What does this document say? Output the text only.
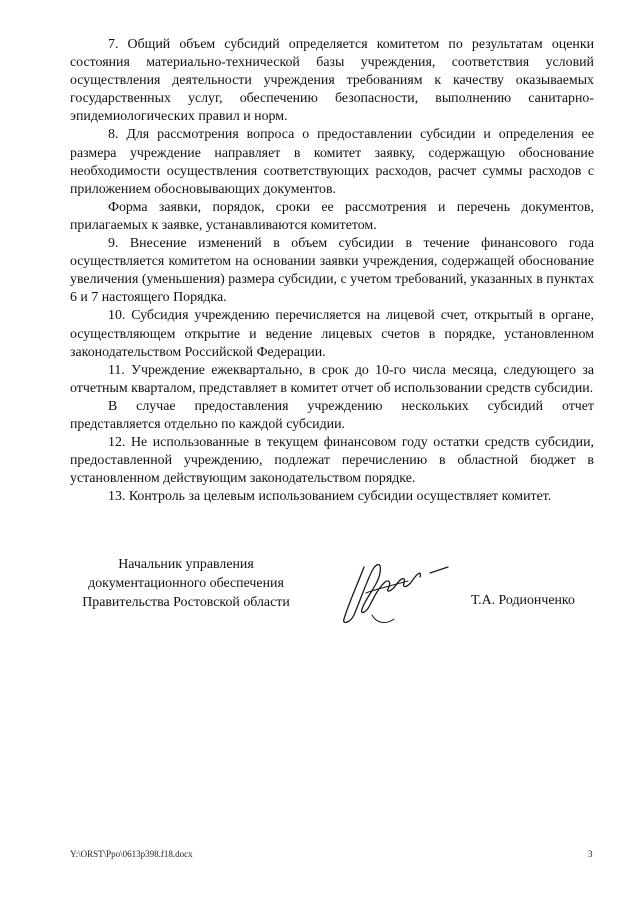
7. Общий объем субсидий определяется комитетом по результатам оценки состояния материально-технической базы учреждения, соответствия условий осуществления деятельности учреждения требованиям к качеству оказываемых государственных услуг, обеспечению безопасности, выполнению санитарно-эпидемиологических правил и норм.

8. Для рассмотрения вопроса о предоставлении субсидии и определения ее размера учреждение направляет в комитет заявку, содержащую обоснование необходимости осуществления соответствующих расходов, расчет суммы расходов с приложением обосновывающих документов.

Форма заявки, порядок, сроки ее рассмотрения и перечень документов, прилагаемых к заявке, устанавливаются комитетом.

9. Внесение изменений в объем субсидии в течение финансового года осуществляется комитетом на основании заявки учреждения, содержащей обоснование увеличения (уменьшения) размера субсидии, с учетом требований, указанных в пунктах 6 и 7 настоящего Порядка.

10. Субсидия учреждению перечисляется на лицевой счет, открытый в органе, осуществляющем открытие и ведение лицевых счетов в порядке, установленном законодательством Российской Федерации.

11. Учреждение ежеквартально, в срок до 10-го числа месяца, следующего за отчетным кварталом, представляет в комитет отчет об использовании средств субсидии.

В случае предоставления учреждению нескольких субсидий отчет представляется отдельно по каждой субсидии.

12. Не использованные в текущем финансовом году остатки средств субсидии, предоставленной учреждению, подлежат перечислению в областной бюджет в установленном действующим законодательством порядке.

13. Контроль за целевым использованием субсидии осуществляет комитет.

Начальник управления
документационного обеспечения
Правительства Ростовской области	Т.А. Родионченко
Y:\ORST\Ppo\0613p398.f18.docx	3
